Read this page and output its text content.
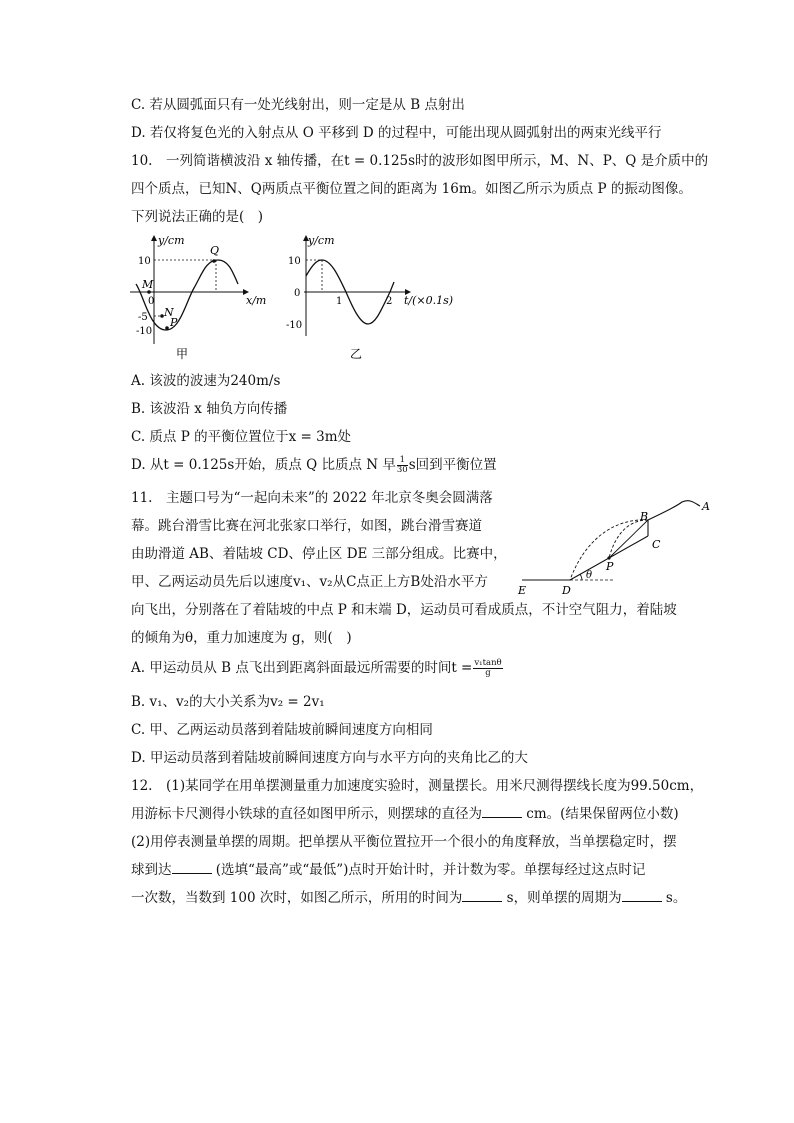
C. 若从圆弧面只有一处光线射出，则一定是从 B 点射出
D. 若仅将复色光的入射点从 O 平移到 D 的过程中，可能出现从圆弧射出的两束光线平行
10.　一列简谐横波沿 x 轴传播，在t = 0.125s时的波形如图甲所示，M、N、P、Q 是介质中的
四个质点，已知N、Q两质点平衡位置之间的距离为 16m。如图乙所示为质点 P 的振动图像。
下列说法正确的是(　)
y/cm
x/m
10
0
-5
-10
M
N
P
Q
甲
y/cm
t/(×0.1s)
10
0
-10
1	2
乙
A. 该波的波速为240m/s
B. 该波沿 x 轴负方向传播
C. 质点 P 的平衡位置位于x = 3m处
D. 从t = 0.125s开始，质点 Q 比质点 N 早 $\frac{1}{30}$ s回到平衡位置
11.　主题口号为“一起向未来”的 2022 年北京冬奥会圆满落
幕。跳台滑雪比赛在河北张家口举行，如图，跳台滑雪赛道
由助滑道 AB、着陆坡 CD、停止区 DE 三部分组成。比赛中，
甲、乙两运动员先后以速度v₁、v₂从C点正上方B处沿水平方
向飞出，分别落在了着陆坡的中点 P 和末端 D，运动员可看成质点，不计空气阻力，着陆坡
的倾角为θ，重力加速度为 g，则(　)
A
B
C
P
D
E
θ
A. 甲运动员从 B 点飞出到距离斜面最远所需要的时间$t = \frac{\text{v₁tanθ}}{g}$
B. v₁、v₂的大小关系为v₂ = 2v₁
C. 甲、乙两运动员落到着陆坡前瞬间速度方向相同
D. 甲运动员落到着陆坡前瞬间速度方向与水平方向的夹角比乙的大
12.　(1)某同学在用单摆测量重力加速度实验时，测量摆长。用米尺测得摆线长度为99.50cm，
用游标卡尺测得小铁球的直径如图甲所示，则摆球的直径为	cm。(结果保留两位小数)
(2)用停表测量单摆的周期。把单摆从平衡位置拉开一个很小的角度释放，当单摆稳定时，摆
球到达	(选填“最高”或“最低”)点时开始计时，并计数为零。单摆每经过这点时记
一次数，当数到 100 次时，如图乙所示，所用的时间为	s，则单摆的周期为	s。
